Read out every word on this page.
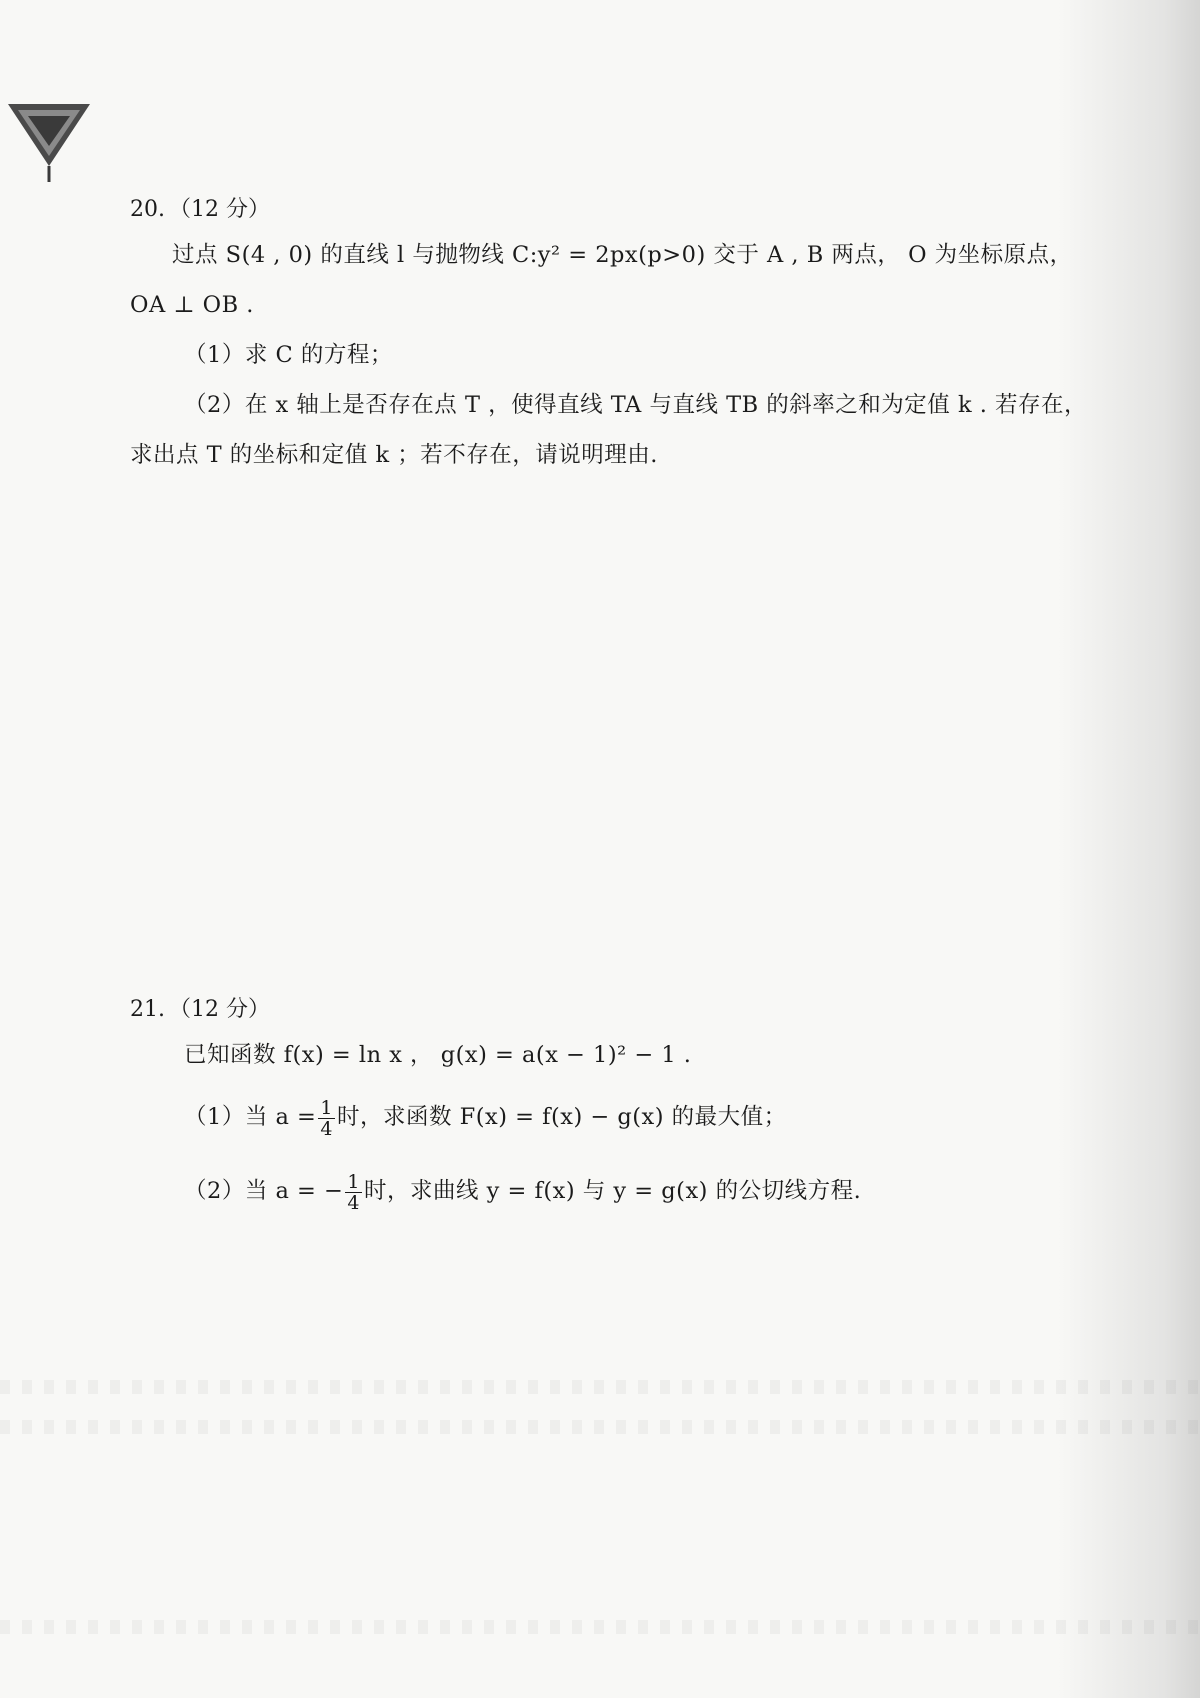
20. （12 分）
过点 S(4 , 0) 的直线 l 与抛物线 C:y² = 2px(p>0) 交于 A , B 两点， O 为坐标原点，
OA ⊥ OB .
（1）求 C 的方程；
（2）在 x 轴上是否存在点 T ，使得直线 TA 与直线 TB 的斜率之和为定值 k . 若存在，
求出点 T 的坐标和定值 k ；若不存在，请说明理由.
21. （12 分）
已知函数 f(x) = ln x ， g(x) = a(x − 1)² − 1 .
（1）当 $a = \frac{1}{4}$ 时，求函数 F(x) = f(x) − g(x) 的最大值；
（2）当 a = − $\frac{1}{4}$ 时，求曲线 y = f(x) 与 y = g(x) 的公切线方程.
